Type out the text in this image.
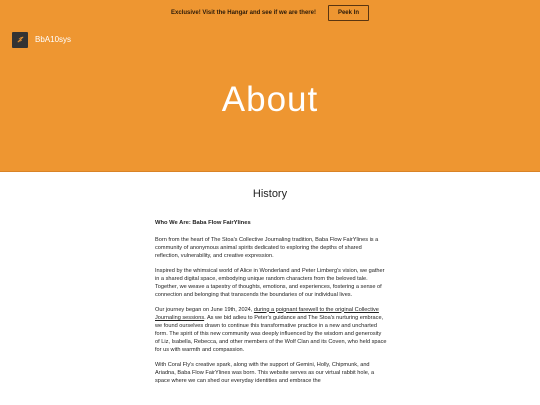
Exclusive! Visit the Hangar and see if we are there!	Peek In
BbA10sys
About
History
Who We Are: Baba Flow FairYlines

Born from the heart of The Stoa's Collective Journaling tradition, Baba Flow FairYlines is a community of anonymous animal spirits dedicated to exploring the depths of shared reflection, vulnerability, and creative expression.

Inspired by the whimsical world of Alice in Wonderland and Peter Limberg's vision, we gather in a shared digital space, embodying unique random characters from the beloved tale. Together, we weave a tapestry of thoughts, emotions, and experiences, fostering a sense of connection and belonging that transcends the boundaries of our individual lives.

Our journey began on June 19th, 2024, during a poignant farewell to the original Collective Journaling sessions. As we bid adieu to Peter's guidance and The Stoa's nurturing embrace, we found ourselves drawn to continue this transformative practice in a new and uncharted form. The spirit of this new community was deeply influenced by the wisdom and generosity of Liz, Isabella, Rebecca, and other members of the Wolf Clan and its Coven, who held space for us with warmth and compassion.

With Coral Fly's creative spark, along with the support of Gemini, Holly, Chipmunk, and Ariadna, Baba Flow FairYlines was born. This website serves as our virtual rabbit hole, a space where we can shed our everyday identities and embrace the
